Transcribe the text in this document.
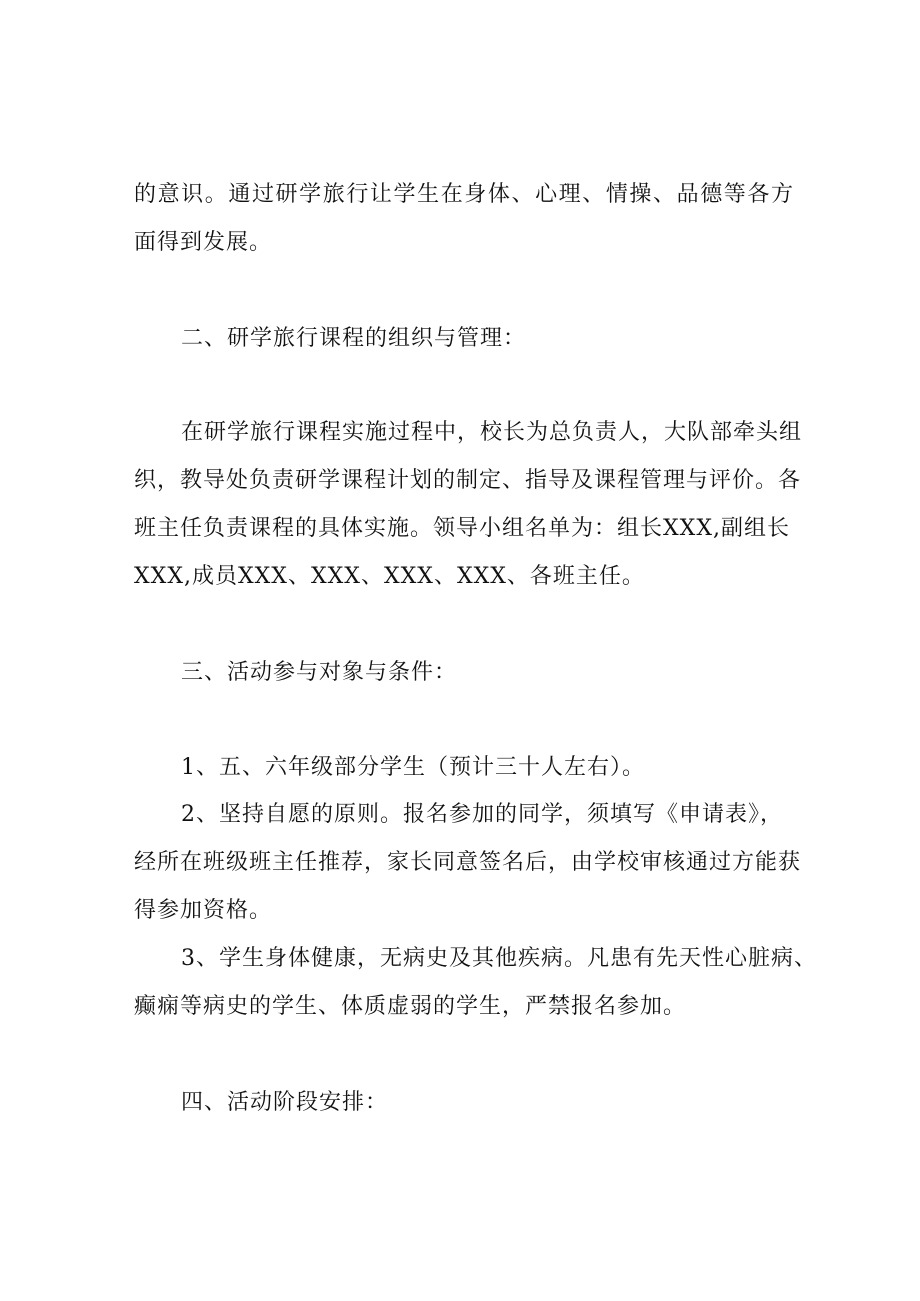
的意识。通过研学旅行让学生在身体、心理、情操、品德等各方
面得到发展。
二、研学旅行课程的组织与管理：
在研学旅行课程实施过程中，校长为总负责人，大队部牵头组
织，教导处负责研学课程计划的制定、指导及课程管理与评价。各
班主任负责课程的具体实施。领导小组名单为：组长XXX,副组长
XXX,成员XXX、XXX、XXX、XXX、各班主任。
三、活动参与对象与条件：
1、五、六年级部分学生（预计三十人左右）。
2、坚持自愿的原则。报名参加的同学，须填写《申请表》，
经所在班级班主任推荐，家长同意签名后，由学校审核通过方能获
得参加资格。
3、学生身体健康，无病史及其他疾病。凡患有先天性心脏病、
癫痫等病史的学生、体质虚弱的学生，严禁报名参加。
四、活动阶段安排：
